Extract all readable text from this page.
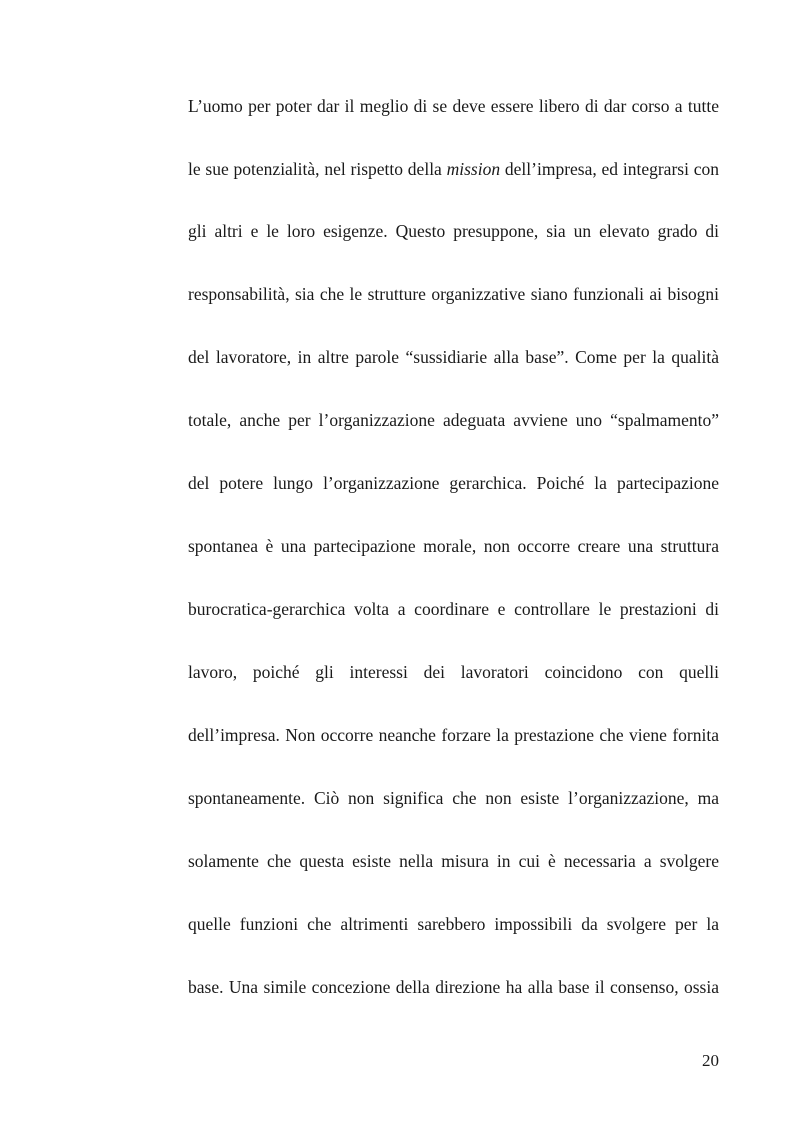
L’uomo per poter dar il meglio di se deve essere libero di dar corso a tutte
le sue potenzialità, nel rispetto della mission dell’impresa, ed integrarsi con
gli altri e le loro esigenze. Questo presuppone, sia un elevato grado di
responsabilità, sia che le strutture organizzative siano funzionali ai bisogni
del lavoratore, in altre parole “sussidiarie alla base”. Come per la qualità
totale, anche per l’organizzazione adeguata avviene uno “spalmamento”
del potere lungo l’organizzazione gerarchica. Poiché la partecipazione
spontanea è una partecipazione morale, non occorre creare una struttura
burocratica-gerarchica volta a coordinare e controllare le prestazioni di
lavoro, poiché gli interessi dei lavoratori coincidono con quelli
dell’impresa. Non occorre neanche forzare la prestazione che viene fornita
spontaneamente. Ciò non significa che non esiste l’organizzazione, ma
solamente che questa esiste nella misura in cui è necessaria a svolgere
quelle funzioni che altrimenti sarebbero impossibili da svolgere per la
base. Una simile concezione della direzione ha alla base il consenso, ossia
20
